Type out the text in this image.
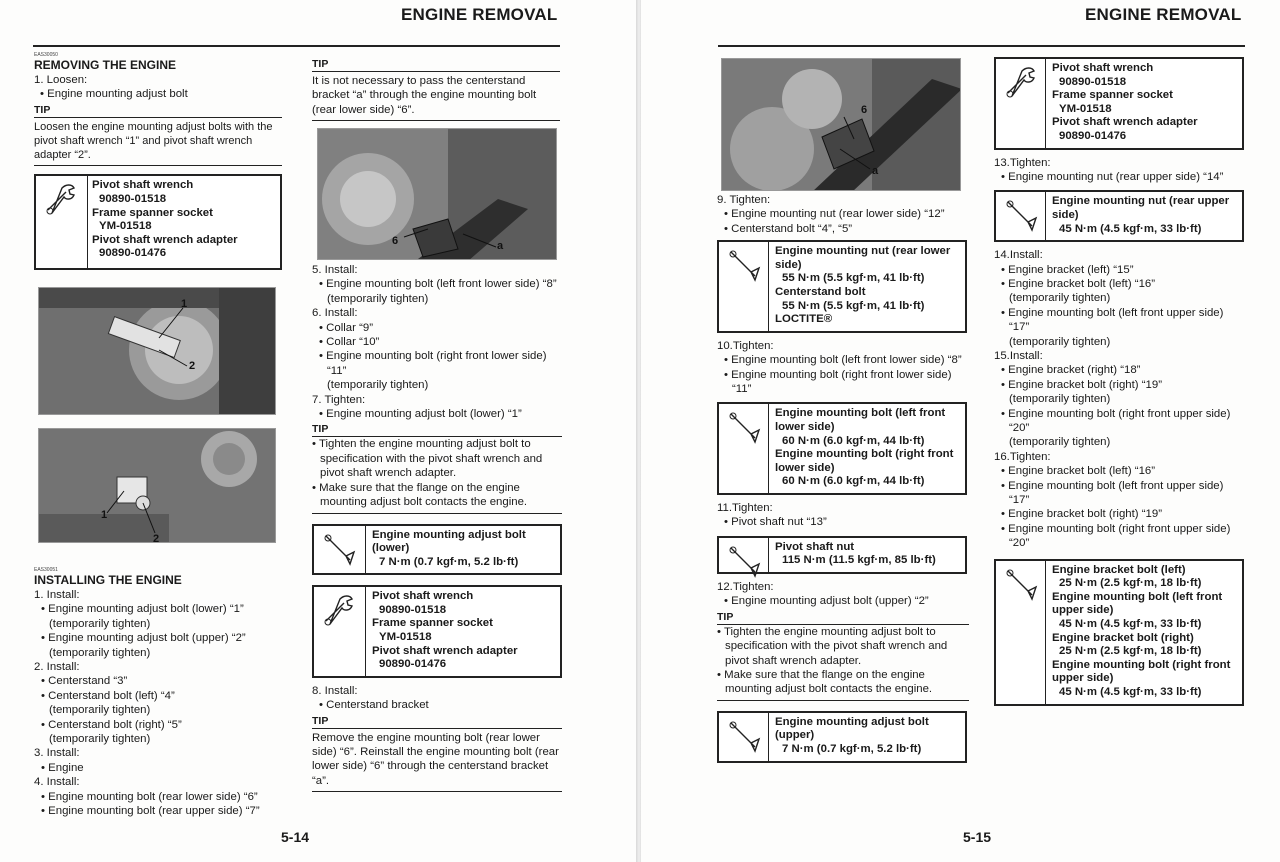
ENGINE REMOVAL
EAS30050
REMOVING THE ENGINE
1. Loosen:
• Engine mounting adjust bolt
TIP
Loosen the engine mounting adjust bolts with the pivot shaft wrench “1” and pivot shaft wrench adapter “2”.
Pivot shaft wrench
90890-01518
Frame spanner socket
YM-01518
Pivot shaft wrench adapter
90890-01476
1
2
1
2
EAS30051
INSTALLING THE ENGINE
1. Install:
• Engine mounting adjust bolt (lower) “1”
(temporarily tighten)
• Engine mounting adjust bolt (upper) “2”
(temporarily tighten)
2. Install:
• Centerstand “3”
• Centerstand bolt (left) “4”
(temporarily tighten)
• Centerstand bolt (right) “5”
(temporarily tighten)
3. Install:
• Engine
4. Install:
• Engine mounting bolt (rear lower side) “6”
• Engine mounting bolt (rear upper side) “7”
TIP
It is not necessary to pass the centerstand bracket “a” through the engine mounting bolt (rear lower side) “6”.
6	a
5. Install:
• Engine mounting bolt (left front lower side) “8”
(temporarily tighten)
6. Install:
• Collar “9”
• Collar “10”
• Engine mounting bolt (right front lower side)
“11”
(temporarily tighten)
7. Tighten:
• Engine mounting adjust bolt (lower) “1”
TIP
• Tighten the engine mounting adjust bolt to specification with the pivot shaft wrench and pivot shaft wrench adapter.
• Make sure that the flange on the engine mounting adjust bolt contacts the engine.
Engine mounting adjust bolt (lower)
7 N·m (0.7 kgf·m, 5.2 lb·ft)
Pivot shaft wrench
90890-01518
Frame spanner socket
YM-01518
Pivot shaft wrench adapter
90890-01476
8. Install:
• Centerstand bracket
TIP
Remove the engine mounting bolt (rear lower side) “6”. Reinstall the engine mounting bolt (rear lower side) “6” through the centerstand bracket “a”.
5-14
ENGINE REMOVAL
6
a
9. Tighten:
• Engine mounting nut (rear lower side) “12”
• Centerstand bolt “4”, “5”
Engine mounting nut (rear lower side)
55 N·m (5.5 kgf·m, 41 lb·ft)
Centerstand bolt
55 N·m (5.5 kgf·m, 41 lb·ft)
LOCTITE®
10.Tighten:
• Engine mounting bolt (left front lower side) “8”
• Engine mounting bolt (right front lower side)
“11”
Engine mounting bolt (left front lower side)
60 N·m (6.0 kgf·m, 44 lb·ft)
Engine mounting bolt (right front lower side)
60 N·m (6.0 kgf·m, 44 lb·ft)
11.Tighten:
• Pivot shaft nut “13”
Pivot shaft nut
115 N·m (11.5 kgf·m, 85 lb·ft)
12.Tighten:
• Engine mounting adjust bolt (upper) “2”
TIP
• Tighten the engine mounting adjust bolt to specification with the pivot shaft wrench and pivot shaft wrench adapter.
• Make sure that the flange on the engine mounting adjust bolt contacts the engine.
Engine mounting adjust bolt (upper)
7 N·m (0.7 kgf·m, 5.2 lb·ft)
Pivot shaft wrench
90890-01518
Frame spanner socket
YM-01518
Pivot shaft wrench adapter
90890-01476
13.Tighten:
• Engine mounting nut (rear upper side) “14”
Engine mounting nut (rear upper side)
45 N·m (4.5 kgf·m, 33 lb·ft)
14.Install:
• Engine bracket (left) “15”
• Engine bracket bolt (left) “16”
(temporarily tighten)
• Engine mounting bolt (left front upper side)
“17”
(temporarily tighten)
15.Install:
• Engine bracket (right) “18”
• Engine bracket bolt (right) “19”
(temporarily tighten)
• Engine mounting bolt (right front upper side)
“20”
(temporarily tighten)
16.Tighten:
• Engine bracket bolt (left) “16”
• Engine mounting bolt (left front upper side)
“17”
• Engine bracket bolt (right) “19”
• Engine mounting bolt (right front upper side)
“20”
Engine bracket bolt (left)
25 N·m (2.5 kgf·m, 18 lb·ft)
Engine mounting bolt (left front upper side)
45 N·m (4.5 kgf·m, 33 lb·ft)
Engine bracket bolt (right)
25 N·m (2.5 kgf·m, 18 lb·ft)
Engine mounting bolt (right front upper side)
45 N·m (4.5 kgf·m, 33 lb·ft)
5-15
